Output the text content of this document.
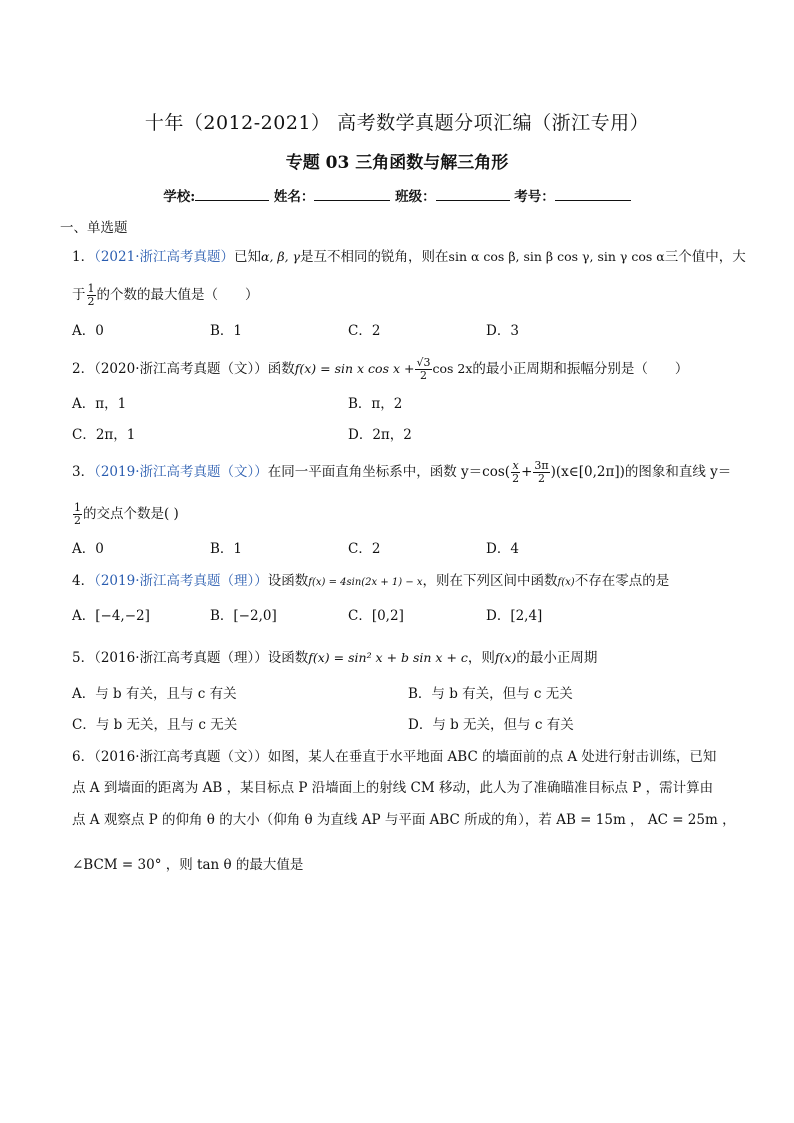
十年（2012-2021） 高考数学真题分项汇编（浙江专用）
专题 03 三角函数与解三角形
学校:	姓名：	班级：	考号：
一、单选题
1．（2021·浙江高考真题）已知α, β, γ是互不相同的锐角，则在sin α cos β, sin β cos γ, sin γ cos α三个值中，大
于 $\frac{1}{2}$ 的个数的最大值是（　　）
A．0	B．1	C．2	D．3
2．（2020·浙江高考真题（文））函数f(x) = sin x $\cos x + \frac{√3}{2}$ cos 2x的最小正周期和振幅分别是（　　）
A．π，1	B．π，2
C．2π，1	D．2π，2
3．（2019·浙江高考真题（文））在同一平面直角坐标系中，函数 $y=\cos( \frac{x}{2} + \frac{3\pi}{2}$ )(x∈[0,2π])的图象和直线 y＝
$\frac{1}{2}$ 的交点个数是( )
A．0	B．1	C．2	D．4
4．（2019·浙江高考真题（理））设函数f(x) = 4sin(2x + 1) − x，则在下列区间中函数f(x)不存在零点的是
A．[−4,−2]	B．[−2,0]	C．[0,2]	D．[2,4]
5．（2016·浙江高考真题（理））设函数f(x) = sin² x + b sin x + c，则f(x)的最小正周期
A．与 b 有关，且与 c 有关	B．与 b 有关，但与 c 无关
C．与 b 无关，且与 c 无关	D．与 b 无关，但与 c 有关
6．（2016·浙江高考真题（文））如图，某人在垂直于水平地面 ABC 的墙面前的点 A 处进行射击训练，已知
点 A 到墙面的距离为 AB ，某目标点 P 沿墙面上的射线 CM 移动，此人为了准确瞄准目标点 P ，需计算由
点 A 观察点 P 的仰角 θ 的大小（仰角 θ 为直线 AP 与平面 ABC 所成的角），若 AB = 15m ， AC = 25m ，
∠BCM = 30° ，则 tan θ 的最大值是
